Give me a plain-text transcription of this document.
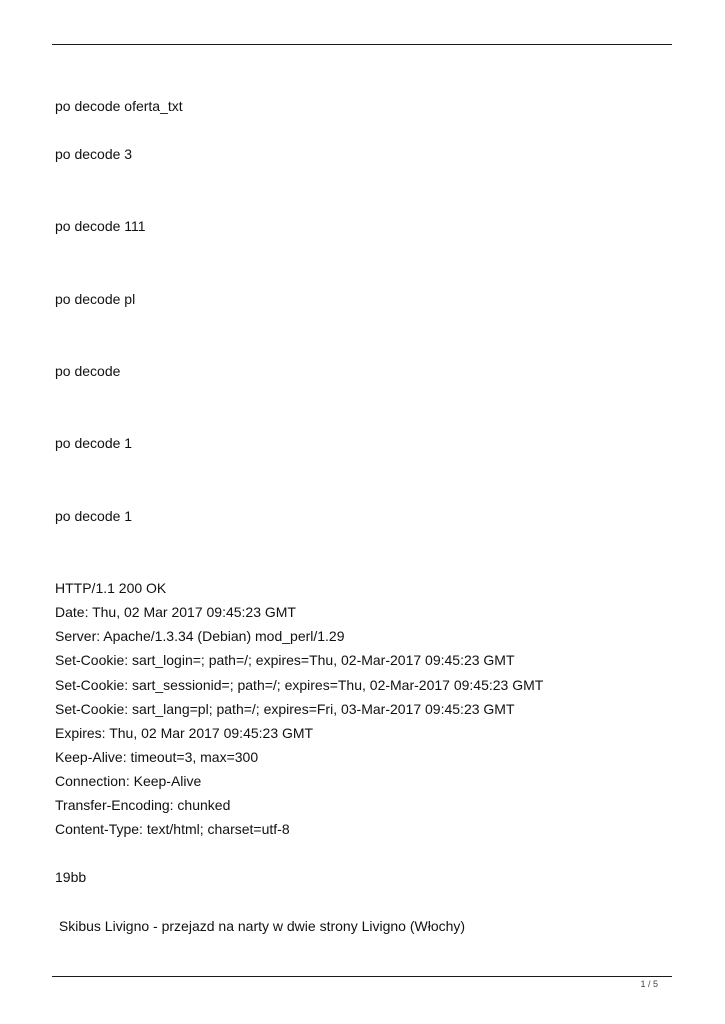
po decode oferta_txt

po decode 3

po decode 111

po decode pl

po decode

po decode 1

po decode 1

HTTP/1.1 200 OK

Date: Thu, 02 Mar 2017 09:45:23 GMT

Server: Apache/1.3.34 (Debian) mod_perl/1.29

Set-Cookie: sart_login=; path=/; expires=Thu, 02-Mar-2017 09:45:23 GMT

Set-Cookie: sart_sessionid=; path=/; expires=Thu, 02-Mar-2017 09:45:23 GMT

Set-Cookie: sart_lang=pl; path=/; expires=Fri, 03-Mar-2017 09:45:23 GMT

Expires: Thu, 02 Mar 2017 09:45:23 GMT

Keep-Alive: timeout=3, max=300

Connection: Keep-Alive

Transfer-Encoding: chunked

Content-Type: text/html; charset=utf-8

19bb

Skibus Livigno - przejazd na narty w dwie strony Livigno (Włochy)

1 / 5
